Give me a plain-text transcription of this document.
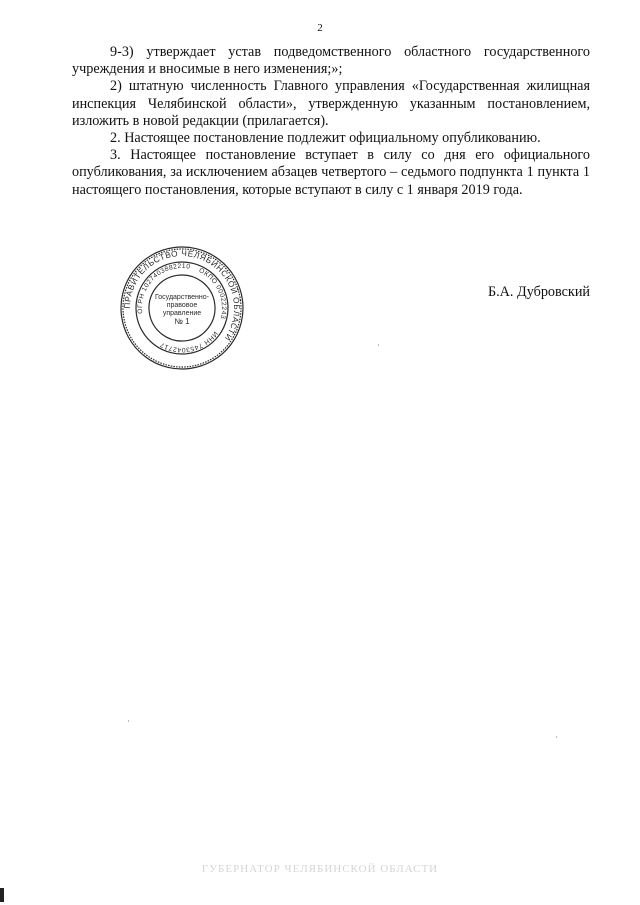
2

9-3) утверждает устав подведомственного областного государственного учреждения и вносимые в него изменения;»;

2) штатную численность Главного управления «Государственная жилищная инспекция Челябинской области», утвержденную указанным постановлением, изложить в новой редакции (прилагается).

2. Настоящее постановление подлежит официальному опубликованию.

3. Настоящее постановление вступает в силу со дня его официального опубликования, за исключением абзацев четвертого – седьмого подпункта 1 пункта 1 настоящего постановления, которые вступают в силу с 1 января 2019 года.

ПРАВИТЕЛЬСТВО ЧЕЛЯБИНСКОЙ ОБЛАСТИ
ОГРН 1027403882210
ОКПО 00022243
ИНН 7453042717
Государственно-
правовое
управление
№ 1
Б.А. Дубровский
ГУБЕРНАТОР ЧЕЛЯБИНСКОЙ ОБЛАСТИ
